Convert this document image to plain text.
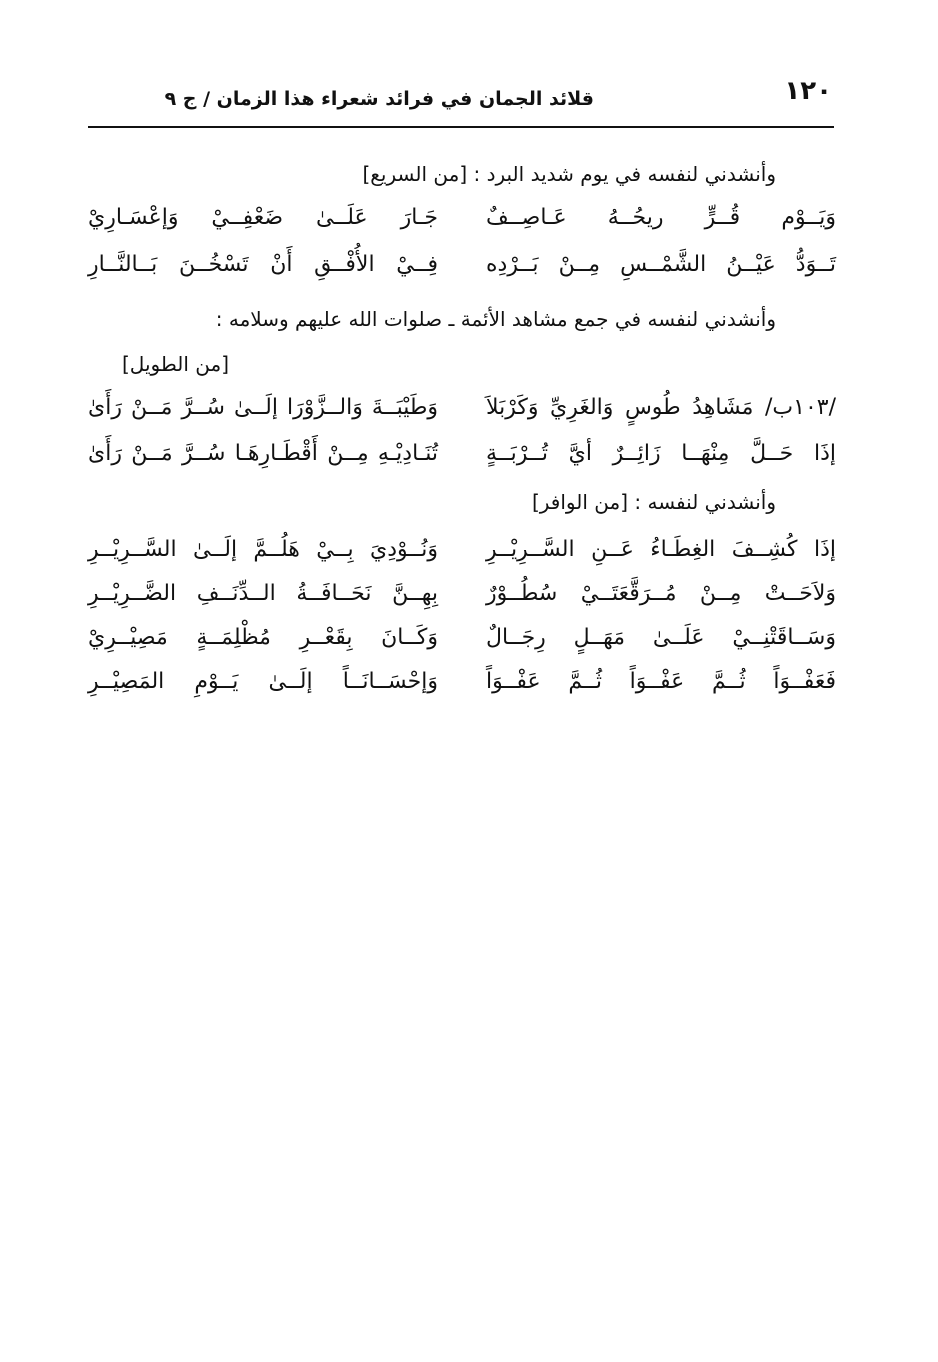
١٢٠
قلائد الجمان في فرائد شعراء هذا الزمان / ج ٩
وأنشدني لنفسه في يوم شديد البرد : [من السريع]
وَيَــوْم قُــرٍّ ريحُــهُ عَـاصِــفٌ
جَـارَ عَلَــىٰ ضَعْفِــيْ وَإعْسَـارِيْ
تَــوَدُّ عَيْــنُ الشَّمْــسِ مِــنْ بَــرْدِه
فِــيْ الأُفْــقِ أَنْ تَسْخُــنَ بَــالنَّــارِ
وأنشدني لنفسه في جمع مشاهد الأئمة ـ صلوات الله عليهم وسلامه :
[من الطويل]
/١٠٣ب/ مَشَاهِدُ طُوسٍ وَالغَرِيِّ وَكَرْبَلاَ
وَطَيْبَــةَ وَالــزَّوْرَا إلَــىٰ سُــرَّ مَــنْ رَأَىٰ
إذَا حَــلَّ مِنْهَــا زَائِــرٌ أيَّ تُــرْبَــةٍ
تُنَـادِيْـهِ مِــنْ أَقْطَـارِهَـا سُــرَّ مَــنْ رَأَىٰ
وأنشدني لنفسه : [من الوافر]
إذَا كُشِــفَ الغِطَـاءُ عَــنِ السَّــرِيْــرِ
وَنُــوْدِيَ بِــيْ هَلُــمَّ إلَــىٰ السَّــرِيْــرِ
وَلاَحَــتْ مِــنْ مُــرَقَّعَتَــيْ سُطُــوْرٌ
بِهِــنَّ نَحَــافَــةُ الــدِّنَــفِ الضَّــرِيْــرِ
وَسَــاقَتْنِــيْ عَلَــىٰ مَهَــلٍ رِجَــالٌ
وَكَــانَ بِقَعْــرِ مُظْلِمَــةٍ مَصِيْــرِيْ
فَعَفْــوَاً ثُــمَّ عَفْــوَاً ثُــمَّ عَفْــوَاً
وَإحْسَــانَــاً إلَــىٰ يَــوْمِ المَصِيْــرِ
